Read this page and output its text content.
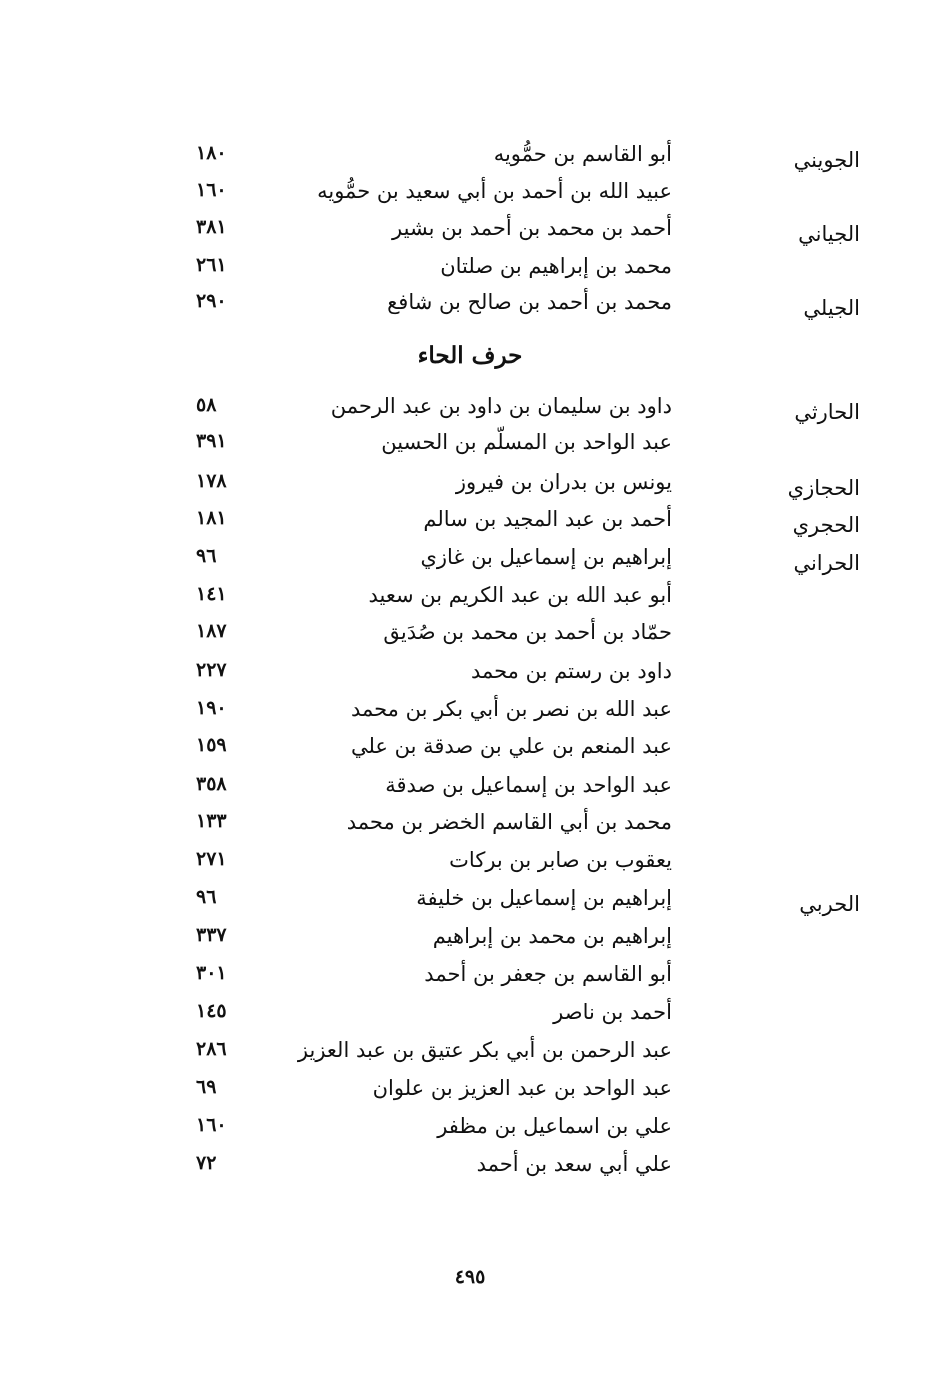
الجويني
أبو القاسم بن حمُّويه
١٨٠
عبيد الله بن أحمد بن أبي سعيد بن حمُّويه
١٦٠
الجياني
أحمد بن محمد بن أحمد بن بشير
٣٨١
محمد بن إبراهيم بن صلتان
٢٦١
الجيلي
محمد بن أحمد بن صالح بن شافع
٢٩٠
حرف الحاء
الحارثي
داود بن سليمان بن داود بن عبد الرحمن
٥٨
عبد الواحد بن المسلّم بن الحسين
٣٩١
الحجازي
يونس بن بدران بن فيروز
١٧٨
الحجري
أحمد بن عبد المجيد بن سالم
١٨١
الحراني
إبراهيم بن إسماعيل بن غازي
٩٦
أبو عبد الله بن عبد الكريم بن سعيد
١٤١
حمّاد بن أحمد بن محمد بن صُدَيق
١٨٧
داود بن رستم بن محمد
٢٢٧
عبد الله بن نصر بن أبي بكر بن محمد
١٩٠
عبد المنعم بن علي بن صدقة بن علي
١٥٩
عبد الواحد بن إسماعيل بن صدقة
٣٥٨
محمد بن أبي القاسم الخضر بن محمد
١٣٣
يعقوب بن صابر بن بركات
٢٧١
الحربي
إبراهيم بن إسماعيل بن خليفة
٩٦
إبراهيم بن محمد بن إبراهيم
٣٣٧
أبو القاسم بن جعفر بن أحمد
٣٠١
أحمد بن ناصر
١٤٥
عبد الرحمن بن أبي بكر عتيق بن عبد العزيز
٢٨٦
عبد الواحد بن عبد العزيز بن علوان
٦٩
علي بن اسماعيل بن مظفر
١٦٠
علي أبي سعد بن أحمد
٧٢
٤٩٥
